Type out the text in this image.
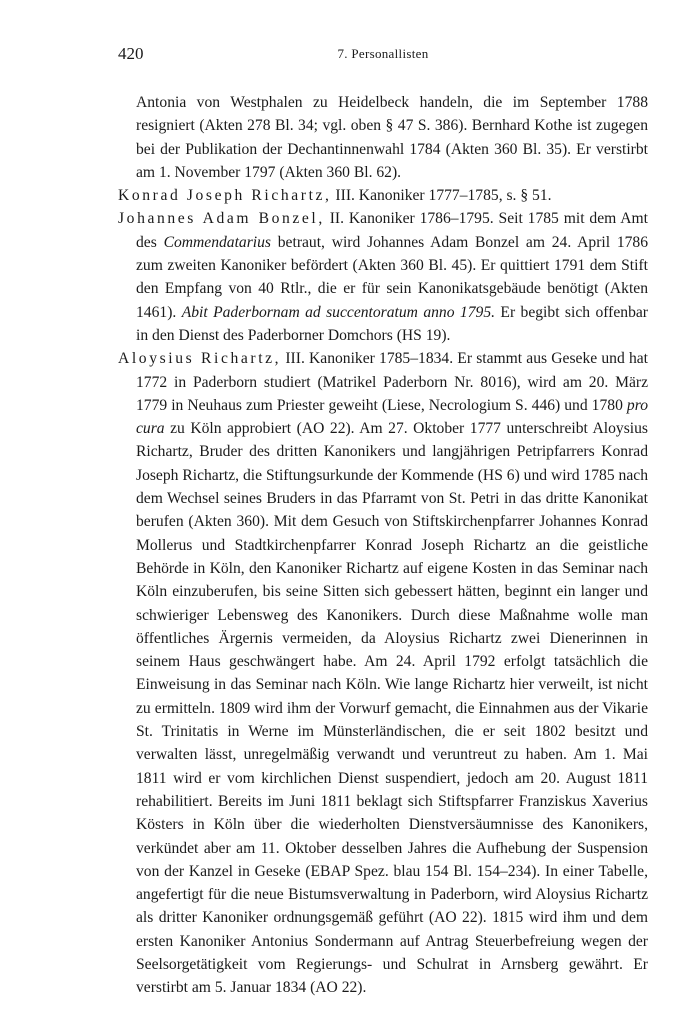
420	7. Personallisten

Antonia von Westphalen zu Heidelbeck handeln, die im September 1788 resigniert (Akten 278 Bl. 34; vgl. oben § 47 S. 386). Bernhard Kothe ist zugegen bei der Publikation der Dechantinnenwahl 1784 (Akten 360 Bl. 35). Er verstirbt am 1. November 1797 (Akten 360 Bl. 62).

Konrad Joseph Richartz, III. Kanoniker 1777–1785, s. § 51.

Johannes Adam Bonzel, II. Kanoniker 1786–1795. Seit 1785 mit dem Amt des Commendatarius betraut, wird Johannes Adam Bonzel am 24. April 1786 zum zweiten Kanoniker befördert (Akten 360 Bl. 45). Er quittiert 1791 dem Stift den Empfang von 40 Rtlr., die er für sein Kanonikatsgebäude benötigt (Akten 1461). Abit Paderbornam ad succentoratum anno 1795. Er begibt sich offenbar in den Dienst des Paderborner Domchors (HS 19).

Aloysius Richartz, III. Kanoniker 1785–1834. Er stammt aus Geseke und hat 1772 in Paderborn studiert (Matrikel Paderborn Nr. 8016), wird am 20. März 1779 in Neuhaus zum Priester geweiht (Liese, Necrologium S. 446) und 1780 pro cura zu Köln approbiert (AO 22). Am 27. Oktober 1777 unterschreibt Aloysius Richartz, Bruder des dritten Kanonikers und langjährigen Petripfarrers Konrad Joseph Richartz, die Stiftungsurkunde der Kommende (HS 6) und wird 1785 nach dem Wechsel seines Bruders in das Pfarramt von St. Petri in das dritte Kanonikat berufen (Akten 360). Mit dem Gesuch von Stiftskirchenpfarrer Johannes Konrad Mollerus und Stadtkirchenpfarrer Konrad Joseph Richartz an die geistliche Behörde in Köln, den Kanoniker Richartz auf eigene Kosten in das Seminar nach Köln einzuberufen, bis seine Sitten sich gebessert hätten, beginnt ein langer und schwieriger Lebensweg des Kanonikers. Durch diese Maßnahme wolle man öffentliches Ärgernis vermeiden, da Aloysius Richartz zwei Dienerinnen in seinem Haus geschwängert habe. Am 24. April 1792 erfolgt tatsächlich die Einweisung in das Seminar nach Köln. Wie lange Richartz hier verweilt, ist nicht zu ermitteln. 1809 wird ihm der Vorwurf gemacht, die Einnahmen aus der Vikarie St. Trinitatis in Werne im Münsterländischen, die er seit 1802 besitzt und verwalten lässt, unregelmäßig verwandt und veruntreut zu haben. Am 1. Mai 1811 wird er vom kirchlichen Dienst suspendiert, jedoch am 20. August 1811 rehabilitiert. Bereits im Juni 1811 beklagt sich Stiftspfarrer Franziskus Xaverius Kösters in Köln über die wiederholten Dienstversäumnisse des Kanonikers, verkündet aber am 11. Oktober desselben Jahres die Aufhebung der Suspension von der Kanzel in Geseke (EBAP Spez. blau 154 Bl. 154–234). In einer Tabelle, angefertigt für die neue Bistumsverwaltung in Paderborn, wird Aloysius Richartz als dritter Kanoniker ordnungsgemäß geführt (AO 22). 1815 wird ihm und dem ersten Kanoniker Antonius Sondermann auf Antrag Steuerbefreiung wegen der Seelsorgetätigkeit vom Regierungs- und Schulrat in Arnsberg gewährt. Er verstirbt am 5. Januar 1834 (AO 22).
